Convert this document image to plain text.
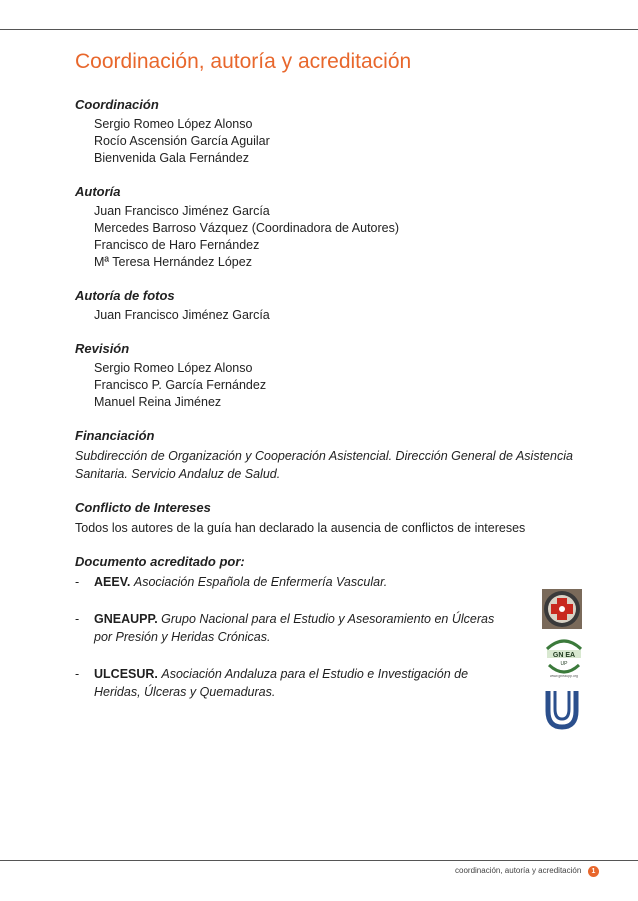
Coordinación, autoría y acreditación
Coordinación
Sergio Romeo López Alonso
Rocío Ascensión García Aguilar
Bienvenida Gala Fernández
Autoría
Juan Francisco Jiménez García
Mercedes Barroso Vázquez (Coordinadora de Autores)
Francisco de Haro Fernández
Mª Teresa Hernández López
Autoría de fotos
Juan Francisco Jiménez García
Revisión
Sergio Romeo López Alonso
Francisco P. García Fernández
Manuel Reina Jiménez
Financiación
Subdirección de Organización y Cooperación Asistencial. Dirección General de Asistencia Sanitaria. Servicio Andaluz de Salud.
Conflicto de Intereses
Todos los autores de la guía han declarado la ausencia de conflictos de intereses
Documento acreditado por:
-	AEEV. Asociación Española de Enfermería Vascular.
-	GNEAUPP. Grupo Nacional para el Estudio y Asesoramiento en Úlceras por Presión y Heridas Crónicas.
-	ULCESUR. Asociación Andaluza para el Estudio e Investigación de Heridas, Úlceras y Quemaduras.
GN EA
UP
www.gneaupp.org
coordinación, autoría y acreditación	1
